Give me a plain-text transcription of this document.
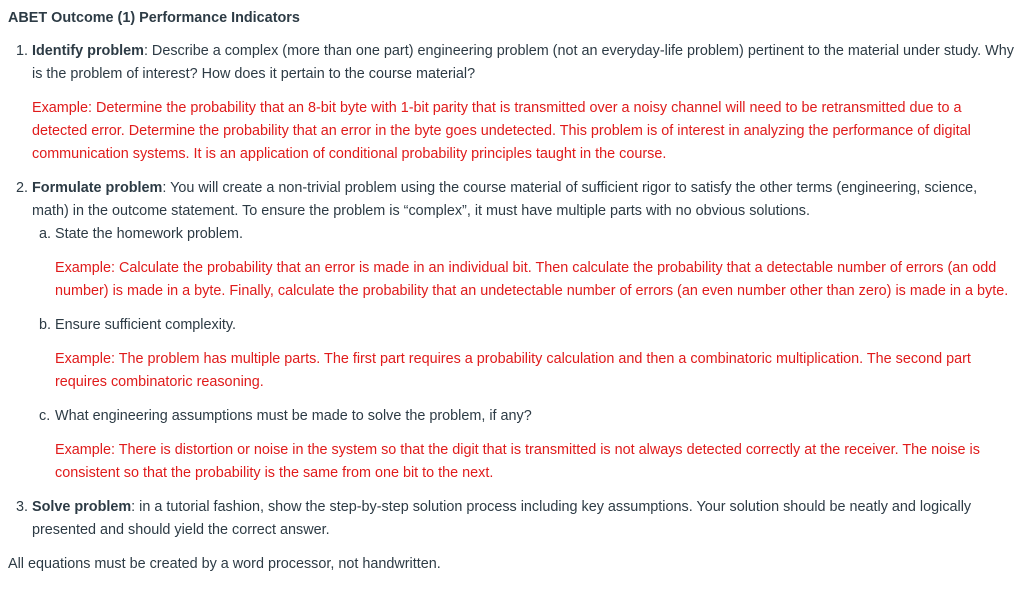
ABET Outcome (1) Performance Indicators
1. Identify problem: Describe a complex (more than one part) engineering problem (not an everyday-life problem) pertinent to the material under study. Why is the problem of interest? How does it pertain to the course material?

Example: Determine the probability that an 8-bit byte with 1-bit parity that is transmitted over a noisy channel will need to be retransmitted due to a detected error. Determine the probability that an error in the byte goes undetected. This problem is of interest in analyzing the performance of digital communication systems. It is an application of conditional probability principles taught in the course.

2. Formulate problem: You will create a non-trivial problem using the course material of sufficient rigor to satisfy the other terms (engineering, science, math) in the outcome statement. To ensure the problem is “complex”, it must have multiple parts with no obvious solutions.

a. State the homework problem.

Example: Calculate the probability that an error is made in an individual bit. Then calculate the probability that a detectable number of errors (an odd number) is made in a byte. Finally, calculate the probability that an undetectable number of errors (an even number other than zero) is made in a byte.

b. Ensure sufficient complexity.

Example: The problem has multiple parts. The first part requires a probability calculation and then a combinatoric multiplication. The second part requires combinatoric reasoning.

c. What engineering assumptions must be made to solve the problem, if any?

Example: There is distortion or noise in the system so that the digit that is transmitted is not always detected correctly at the receiver. The noise is consistent so that the probability is the same from one bit to the next.

3. Solve problem: in a tutorial fashion, show the step-by-step solution process including key assumptions. Your solution should be neatly and logically presented and should yield the correct answer.

All equations must be created by a word processor, not handwritten.
